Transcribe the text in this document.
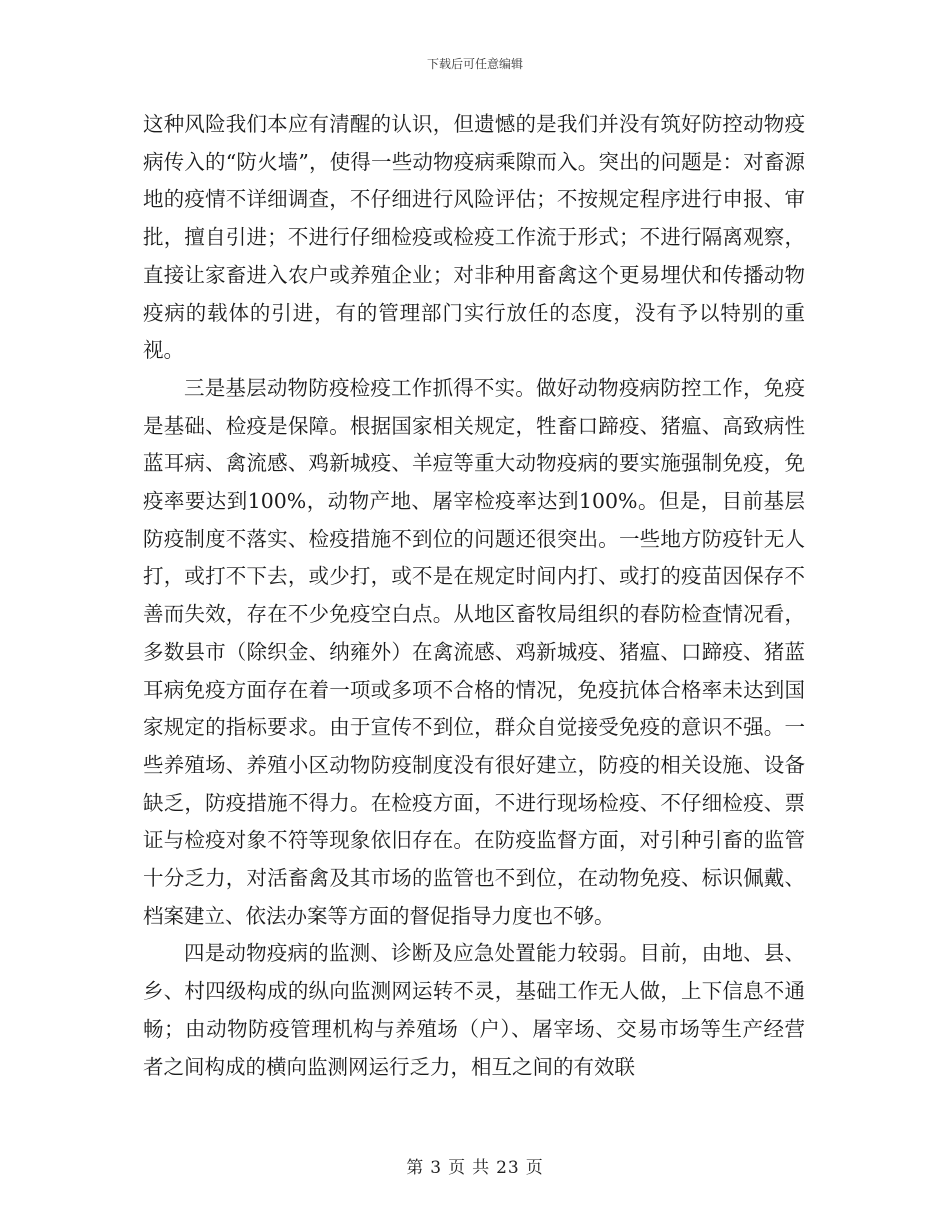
下载后可任意编辑

这种风险我们本应有清醒的认识，但遗憾的是我们并没有筑好防控动物疫病传入的“防火墙”，使得一些动物疫病乘隙而入。突出的问题是：对畜源地的疫情不详细调查，不仔细进行风险评估；不按规定程序进行申报、审批，擅自引进；不进行仔细检疫或检疫工作流于形式；不进行隔离观察，直接让家畜进入农户或养殖企业；对非种用畜禽这个更易埋伏和传播动物疫病的载体的引进，有的管理部门实行放任的态度，没有予以特别的重视。

三是基层动物防疫检疫工作抓得不实。做好动物疫病防控工作，免疫是基础、检疫是保障。根据国家相关规定，牲畜口蹄疫、猪瘟、高致病性蓝耳病、禽流感、鸡新城疫、羊痘等重大动物疫病的要实施强制免疫，免疫率要达到100%，动物产地、屠宰检疫率达到100%。但是，目前基层防疫制度不落实、检疫措施不到位的问题还很突出。一些地方防疫针无人打，或打不下去，或少打，或不是在规定时间内打、或打的疫苗因保存不善而失效，存在不少免疫空白点。从地区畜牧局组织的春防检查情况看，多数县市（除织金、纳雍外）在禽流感、鸡新城疫、猪瘟、口蹄疫、猪蓝耳病免疫方面存在着一项或多项不合格的情况，免疫抗体合格率未达到国家规定的指标要求。由于宣传不到位，群众自觉接受免疫的意识不强。一些养殖场、养殖小区动物防疫制度没有很好建立，防疫的相关设施、设备缺乏，防疫措施不得力。在检疫方面，不进行现场检疫、不仔细检疫、票证与检疫对象不符等现象依旧存在。在防疫监督方面，对引种引畜的监管十分乏力，对活畜禽及其市场的监管也不到位，在动物免疫、标识佩戴、档案建立、依法办案等方面的督促指导力度也不够。

四是动物疫病的监测、诊断及应急处置能力较弱。目前，由地、县、乡、村四级构成的纵向监测网运转不灵，基础工作无人做，上下信息不通畅；由动物防疫管理机构与养殖场（户）、屠宰场、交易市场等生产经营者之间构成的横向监测网运行乏力，相互之间的有效联

第 3 页 共 23 页
